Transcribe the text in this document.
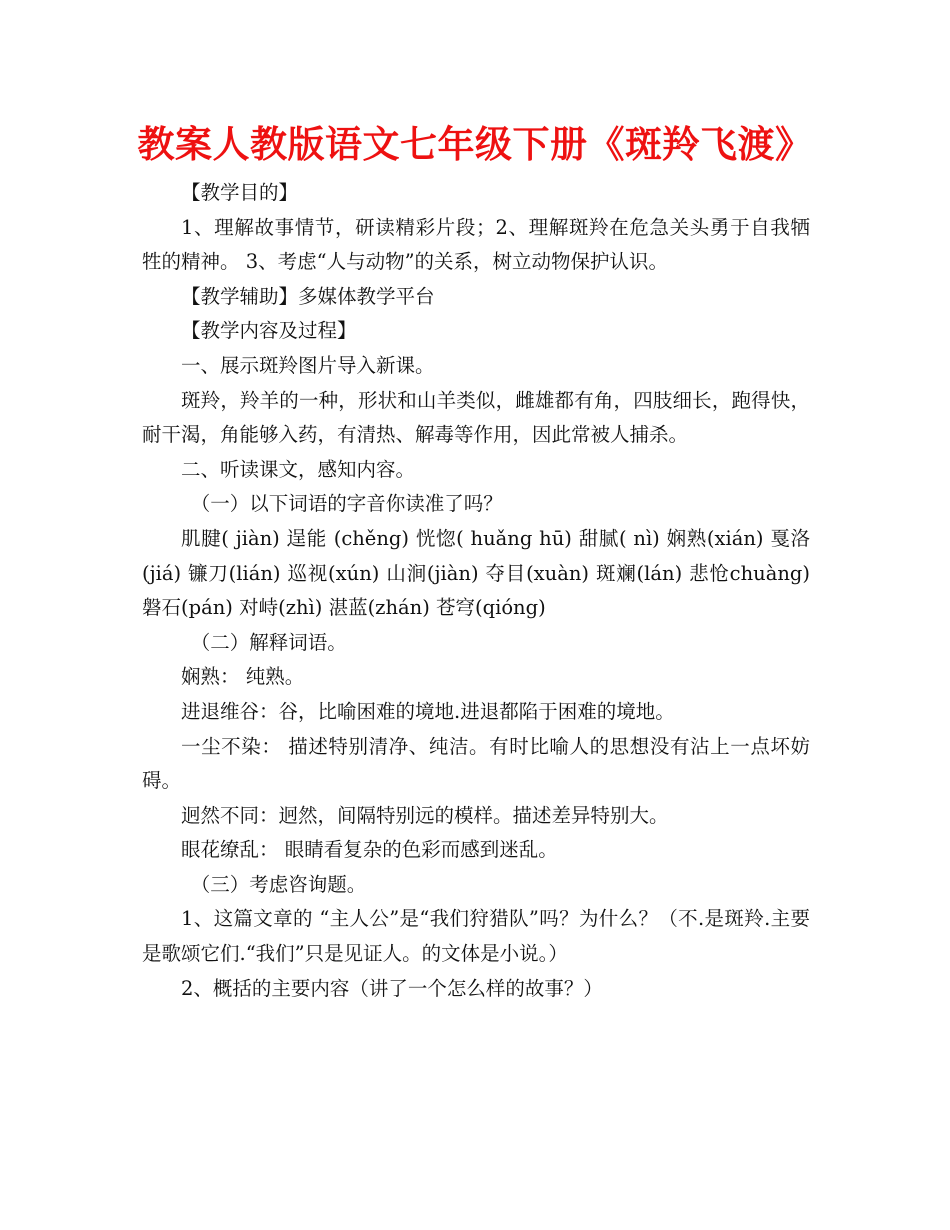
教案人教版语文七年级下册《斑羚飞渡》

【教学目的】

1、理解故事情节，研读精彩片段；2、理解斑羚在危急关头勇于自我牺牲的精神。 3、考虑“人与动物”的关系，树立动物保护认识。

【教学辅助】多媒体教学平台

【教学内容及过程】

一、展示斑羚图片导入新课。

斑羚，羚羊的一种，形状和山羊类似，雌雄都有角，四肢细长，跑得快，耐干渴，角能够入药，有清热、解毒等作用，因此常被人捕杀。

二、听读课文，感知内容。

（一）以下词语的字音你读准了吗？

肌腱( jiàn) 逞能 (chěng) 恍惚( huǎng hū) 甜腻( nì) 娴熟(xián) 戛洛(jiá) 镰刀(lián) 巡视(xún) 山涧(jiàn) 夺目(xuàn) 斑斓(lán) 悲怆chuàng) 磐石(pán) 对峙(zhì) 湛蓝(zhán) 苍穹(qióng)

（二）解释词语。

娴熟： 纯熟。

进退维谷：谷，比喻困难的境地.进退都陷于困难的境地。

一尘不染： 描述特别清净、纯洁。有时比喻人的思想没有沾上一点坏妨碍。

迥然不同：迥然，间隔特别远的模样。描述差异特别大。

眼花缭乱： 眼睛看复杂的色彩而感到迷乱。

（三）考虑咨询题。

1、这篇文章的 “主人公”是“我们狩猎队”吗？为什么？（不.是斑羚.主要是歌颂它们.“我们”只是见证人。的文体是小说。）

2、概括的主要内容（讲了一个怎么样的故事？）
